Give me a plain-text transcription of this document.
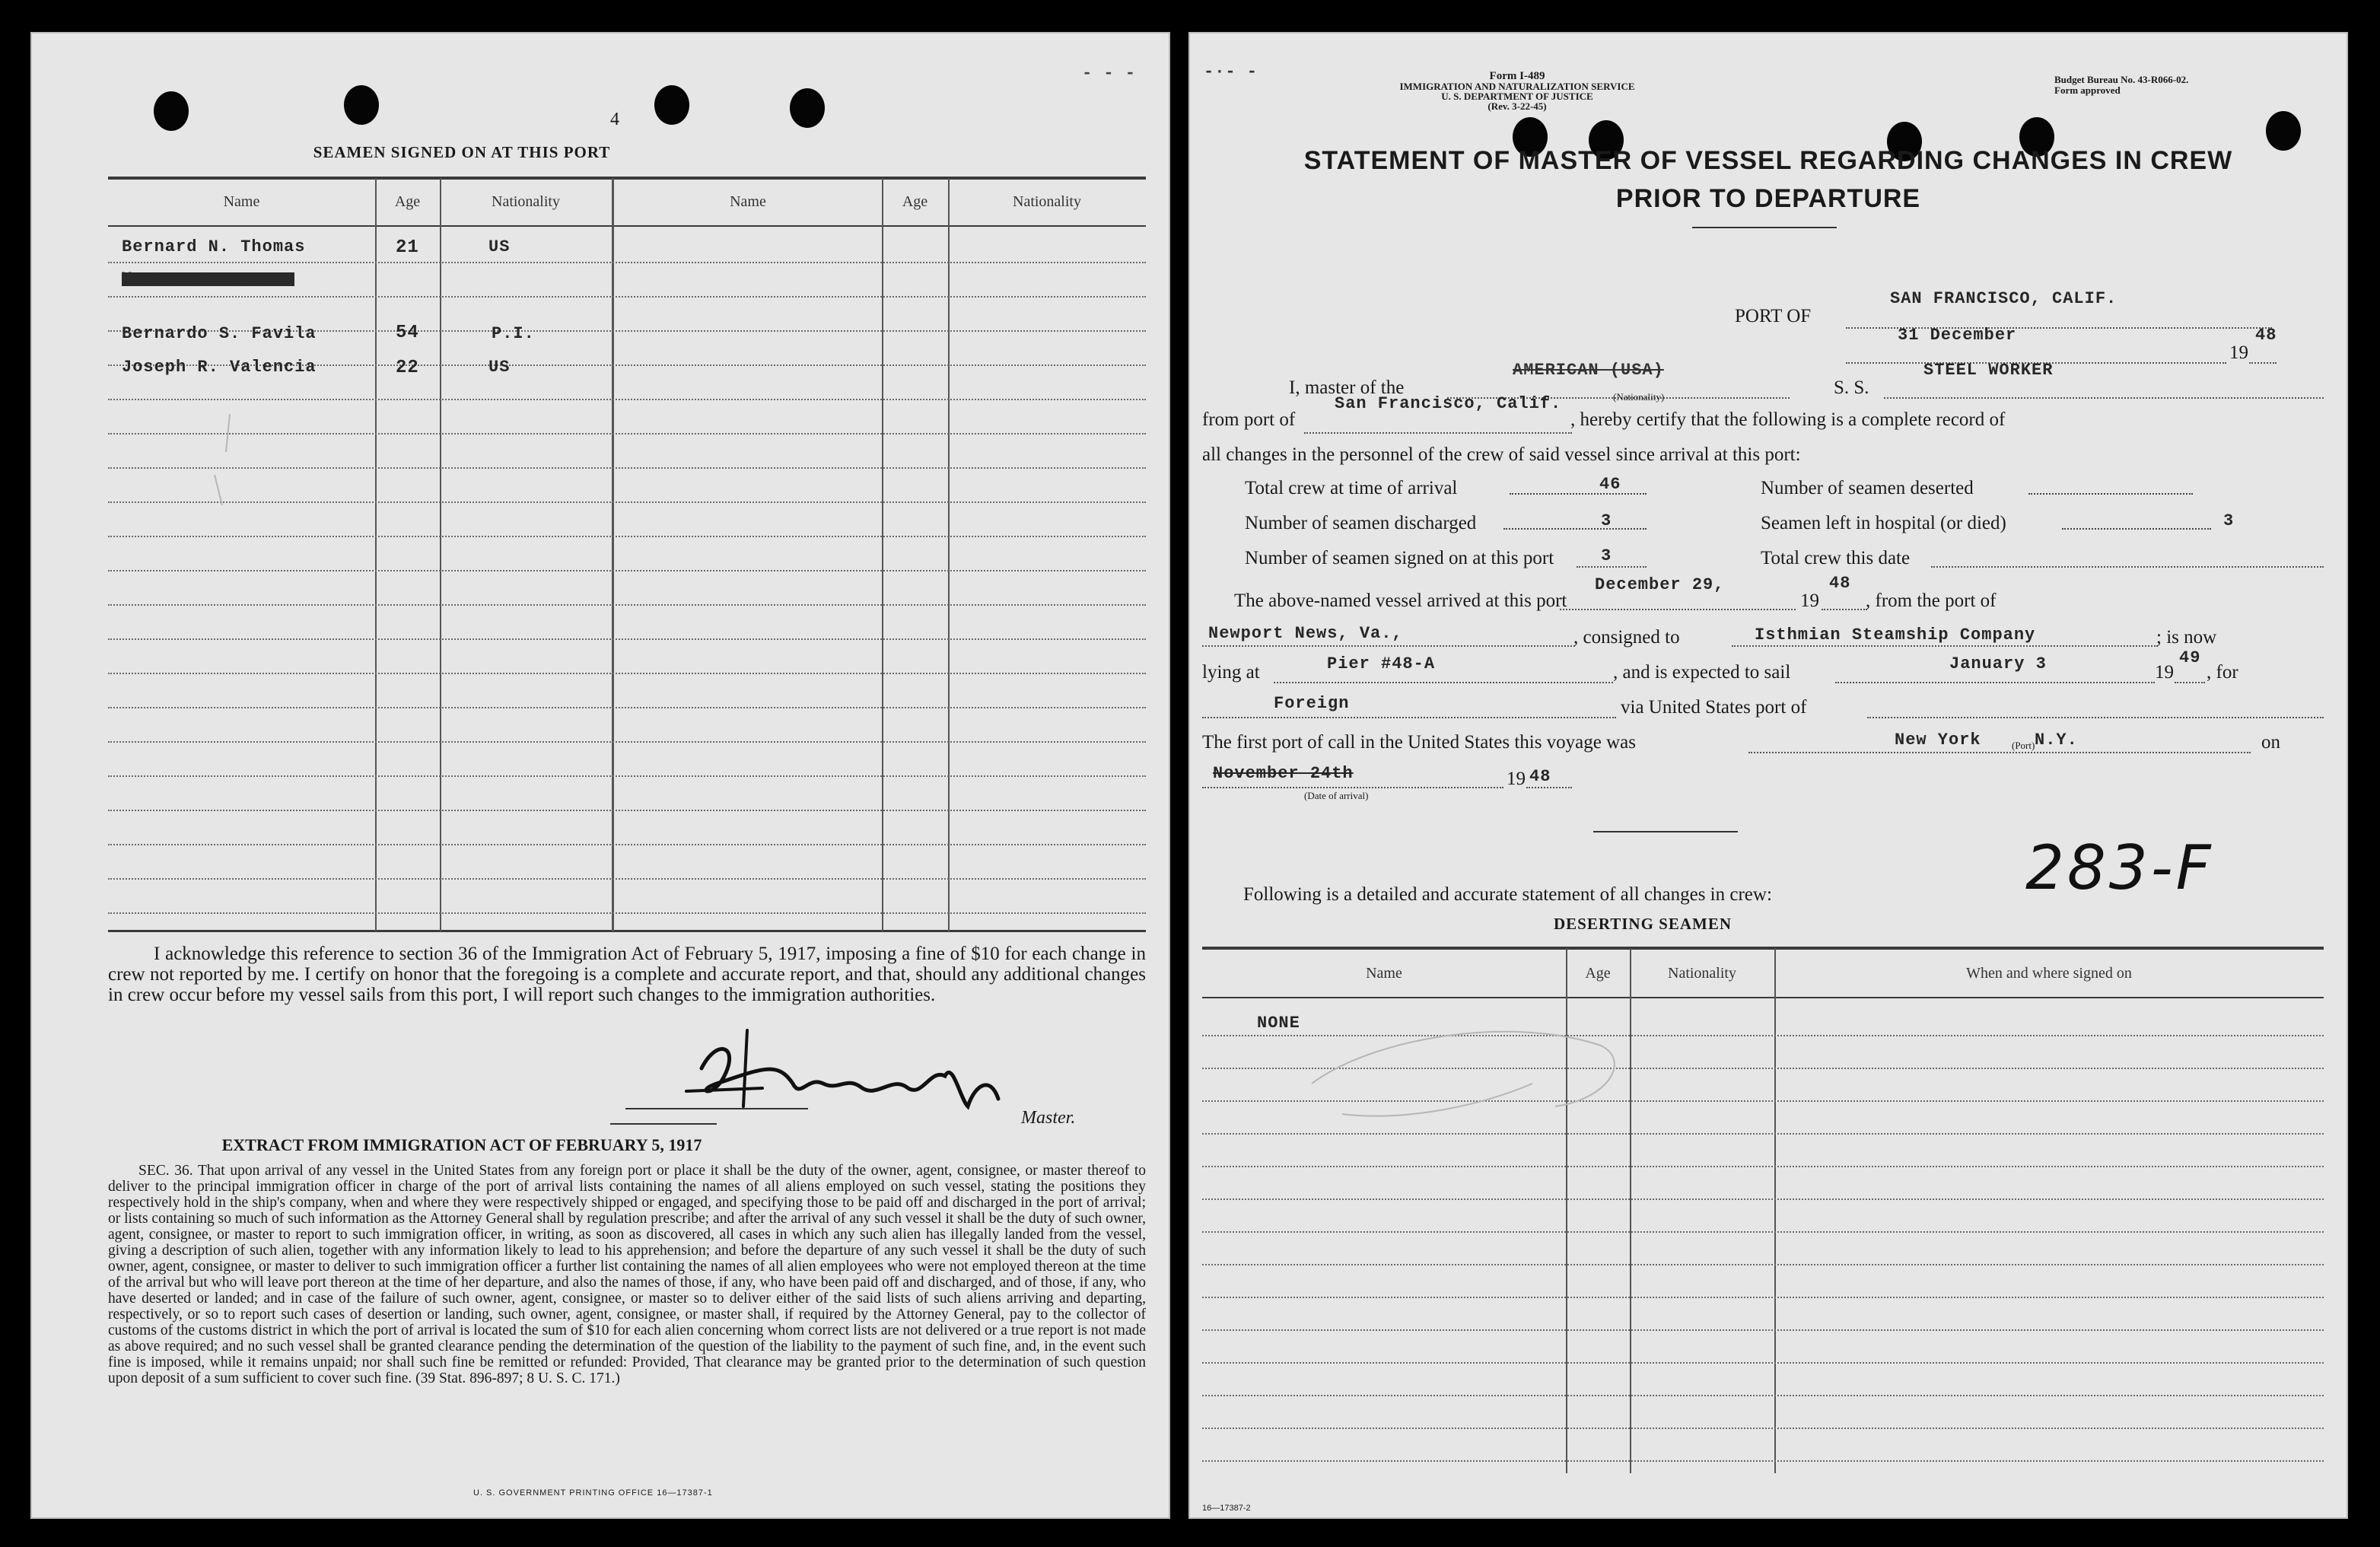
- - -
4
SEAMEN SIGNED ON AT THIS PORT
Name	Age	Nationality	Name	Age	Nationality
Bernard N. Thomas	21	US
Xxxxxxxxxxxxxxxx
Bernardo S. Favila	54	P.I.
Joseph R. Valencia	22	US
I acknowledge this reference to section 36 of the Immigration Act of February 5, 1917, imposing a fine of $10 for each change in crew not reported by me. I certify on honor that the foregoing is a complete and accurate report, and that, should any additional changes in crew occur before my vessel sails from this port, I will report such changes to the immigration authorities.
Master.
EXTRACT FROM IMMIGRATION ACT OF FEBRUARY 5, 1917
SEC. 36. That upon arrival of any vessel in the United States from any foreign port or place it shall be the duty of the owner, agent, consignee, or master thereof to deliver to the principal immigration officer in charge of the port of arrival lists containing the names of all aliens employed on such vessel, stating the positions they respectively hold in the ship's company, when and where they were respectively shipped or engaged, and specifying those to be paid off and discharged in the port of arrival; or lists containing so much of such information as the Attorney General shall by regulation prescribe; and after the arrival of any such vessel it shall be the duty of such owner, agent, consignee, or master to report to such immigration officer, in writing, as soon as discovered, all cases in which any such alien has illegally landed from the vessel, giving a description of such alien, together with any information likely to lead to his apprehension; and before the departure of any such vessel it shall be the duty of such owner, agent, consignee, or master to deliver to such immigration officer a further list containing the names of all alien employees who were not employed thereon at the time of the arrival but who will leave port thereon at the time of her departure, and also the names of those, if any, who have been paid off and discharged, and of those, if any, who have deserted or landed; and in case of the failure of such owner, agent, consignee, or master so to deliver either of the said lists of such aliens arriving and departing, respectively, or so to report such cases of desertion or landing, such owner, agent, consignee, or master shall, if required by the Attorney General, pay to the collector of customs of the customs district in which the port of arrival is located the sum of $10 for each alien concerning whom correct lists are not delivered or a true report is not made as above required; and no such vessel shall be granted clearance pending the determination of the question of the liability to the payment of such fine, and, in the event such fine is imposed, while it remains unpaid; nor shall such fine be remitted or refunded: Provided, That clearance may be granted prior to the determination of such question upon deposit of a sum sufficient to cover such fine. (39 Stat. 896-897; 8 U. S. C. 171.)
U. S. GOVERNMENT PRINTING OFFICE 16—17387-1
-·- -	Form I-489
IMMIGRATION AND NATURALIZATION SERVICE
U. S. DEPARTMENT OF JUSTICE
(Rev. 3-22-45)
Budget Bureau No. 43-R066-02.
Form approved
STATEMENT OF MASTER OF VESSEL REGARDING CHANGES IN CREW
PRIOR TO DEPARTURE
PORT OF
SAN FRANCISCO, CALIF.
31 December
19
48
I, master of the
AMERICAN (USA)
(Nationality)	S. S.
STEEL WORKER
from port of
San Francisco, Calif.
, hereby certify that the following is a complete record of
all changes in the personnel of the crew of said vessel since arrival at this port:
Total crew at time of arrival	46	Number of seamen deserted
Number of seamen discharged	3	Seamen left in hospital (or died)	3
Number of seamen signed on at this port	3	Total crew this date
The above-named vessel arrived at this port
December 29,
19
48
, from the port of
Newport News, Va.,	, consigned to	Isthmian Steamship Company	; is now
lying at	Pier #48-A	, and is expected to sail	January 3	19
49
, for
Foreign	via United States port of
The first port of call in the United States this voyage was	New York	(Port) N.Y.	on
November 24th
(Date of arrival)
19 48
283-F
Following is a detailed and accurate statement of all changes in crew:
DESERTING SEAMEN
Name	Age	Nationality	When and where signed on
NONE
16—17387-2
